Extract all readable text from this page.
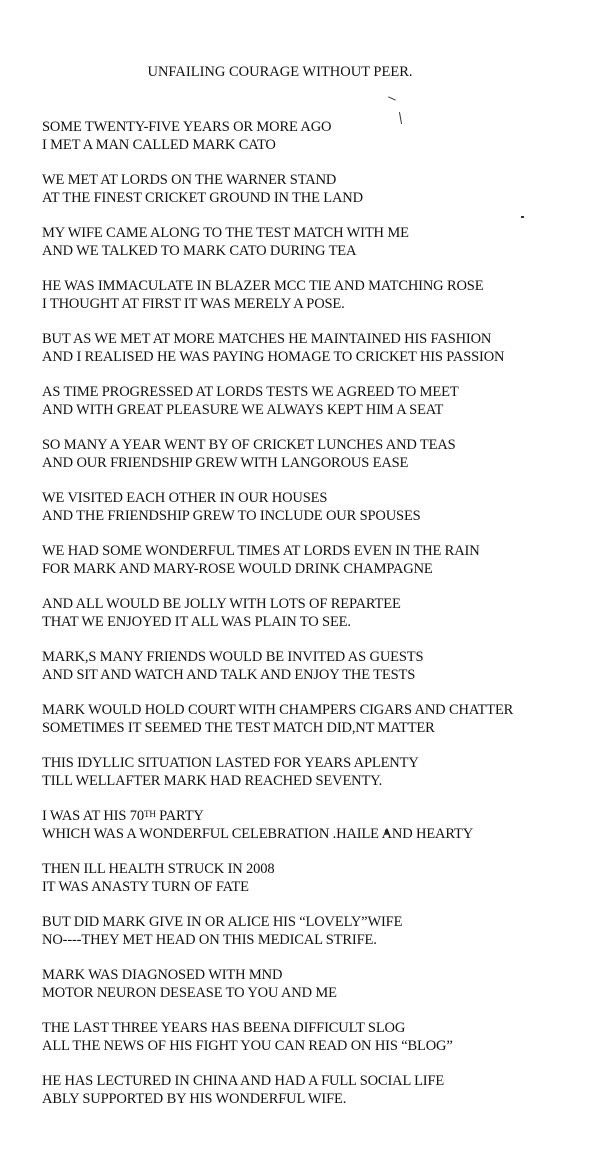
UNFAILING COURAGE WITHOUT PEER.
SOME TWENTY-FIVE YEARS OR MORE AGO
I MET A MAN CALLED MARK CATO
WE MET AT LORDS ON THE WARNER STAND
AT THE FINEST CRICKET GROUND IN THE LAND
MY WIFE CAME ALONG TO THE TEST MATCH WITH ME
AND WE TALKED TO MARK CATO DURING TEA
HE WAS IMMACULATE IN BLAZER MCC TIE AND MATCHING ROSE
I THOUGHT AT FIRST IT WAS MERELY A POSE.
BUT AS WE MET AT MORE MATCHES HE MAINTAINED HIS FASHION
AND I REALISED HE WAS PAYING HOMAGE TO CRICKET HIS PASSION
AS TIME PROGRESSED AT LORDS TESTS WE AGREED TO MEET
AND WITH GREAT PLEASURE WE ALWAYS KEPT HIM A SEAT
SO MANY A YEAR WENT BY OF CRICKET LUNCHES AND TEAS
AND OUR FRIENDSHIP GREW WITH LANGOROUS EASE
WE VISITED EACH OTHER IN OUR HOUSES
AND THE FRIENDSHIP GREW TO INCLUDE OUR SPOUSES
WE HAD SOME WONDERFUL TIMES AT LORDS EVEN IN THE RAIN
FOR MARK AND MARY-ROSE WOULD DRINK CHAMPAGNE
AND ALL WOULD BE JOLLY WITH LOTS OF REPARTEE
THAT WE ENJOYED IT ALL WAS PLAIN TO SEE.
MARK,S MANY FRIENDS WOULD BE INVITED AS GUESTS
AND SIT AND WATCH AND TALK AND ENJOY THE TESTS
MARK WOULD HOLD COURT WITH CHAMPERS CIGARS AND CHATTER
SOMETIMES IT SEEMED THE TEST MATCH DID,NT MATTER
THIS IDYLLIC SITUATION LASTED FOR YEARS APLENTY
TILL WELLAFTER MARK HAD REACHED SEVENTY.
I WAS AT HIS 70TH PARTY
WHICH WAS A WONDERFUL CELEBRATION .HAILE AND HEARTY
THEN ILL HEALTH STRUCK IN 2008
IT WAS ANASTY TURN OF FATE
BUT DID MARK GIVE IN OR ALICE HIS “LOVELY”WIFE
NO----THEY MET HEAD ON THIS MEDICAL STRIFE.
MARK WAS DIAGNOSED WITH MND
MOTOR NEURON DESEASE TO YOU AND ME
THE LAST THREE YEARS HAS BEENA DIFFICULT SLOG
ALL THE NEWS OF HIS FIGHT YOU CAN READ ON HIS “BLOG”
HE HAS LECTURED IN CHINA AND HAD A FULL SOCIAL LIFE
ABLY SUPPORTED BY HIS WONDERFUL WIFE.
